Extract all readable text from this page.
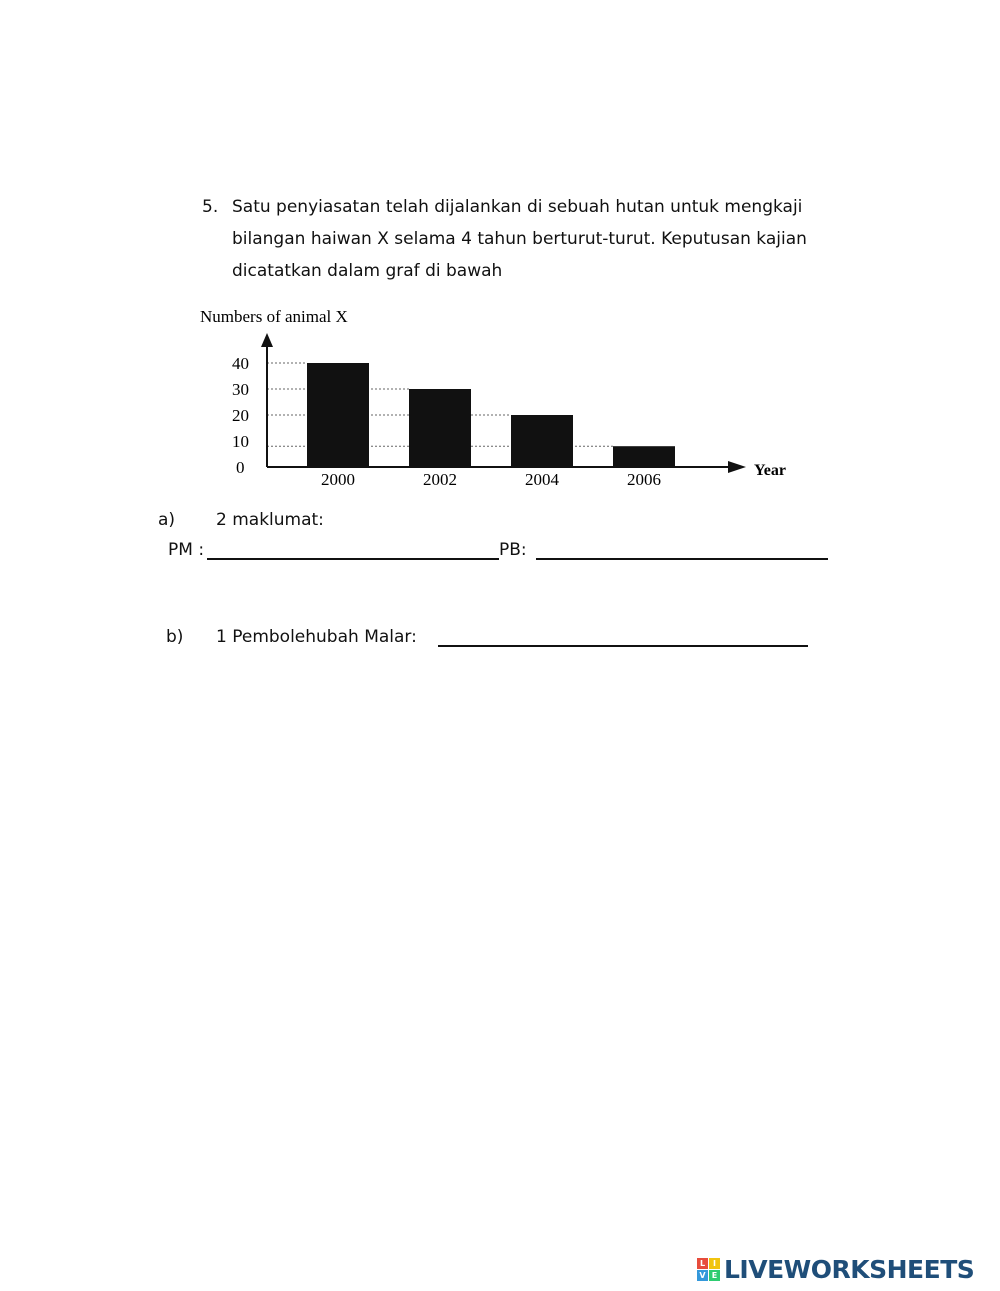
5. Satu penyiasatan telah dijalankan di sebuah hutan untuk mengkaji
bilangan haiwan X selama 4 tahun berturut-turut. Keputusan kajian
dicatatkan dalam graf di bawah
Numbers of animal X
Year
0
10
20
30
40
2000	2002	2004	2006
a) 2 maklumat:
PM :	PB:
b) 1 Pembolehubah Malar:
L I
V E LIVEWORKSHEETS
